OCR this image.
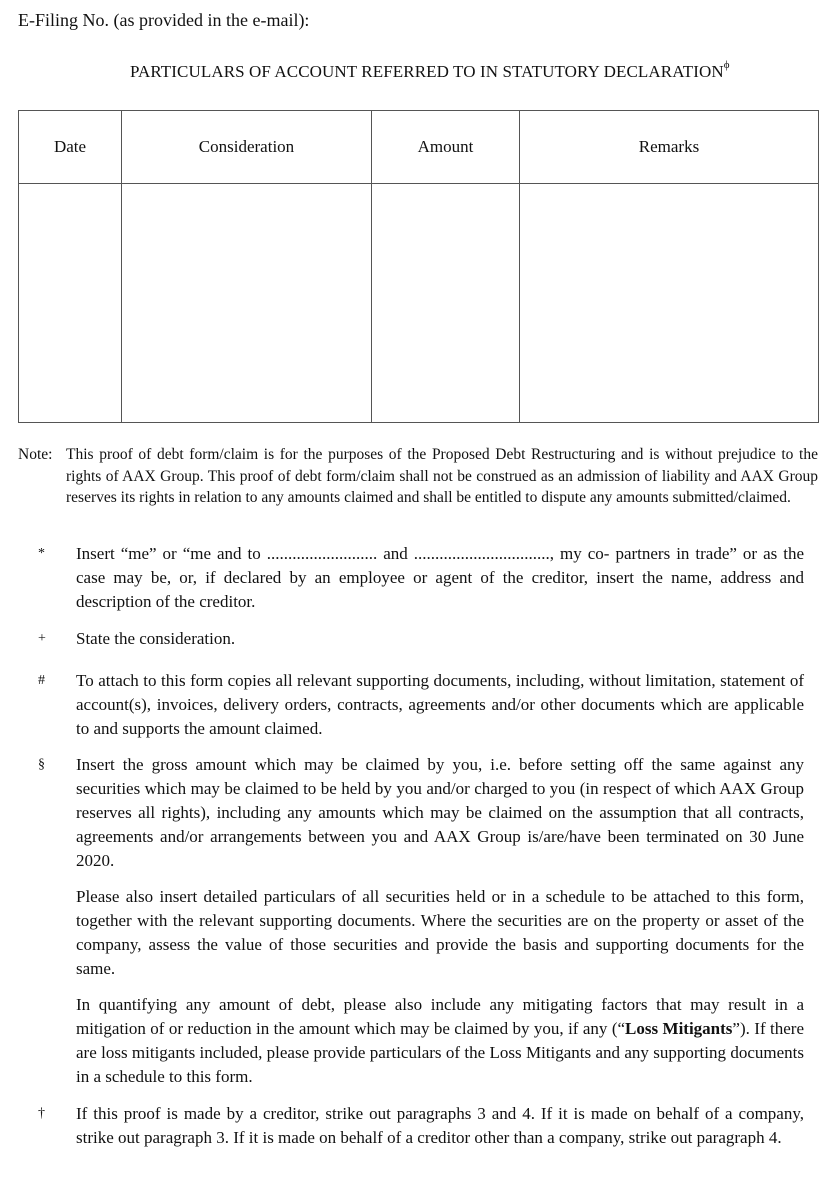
E-Filing No. (as provided in the e-mail):
PARTICULARS OF ACCOUNT REFERRED TO IN STATUTORY $DECLARATION^\phi$
Date	Consideration	Amount	Remarks

Note: This proof of debt form/claim is for the purposes of the Proposed Debt Restructuring and is without prejudice to the rights of AAX Group. This proof of debt form/claim shall not be construed as an admission of liability and AAX Group reserves its rights in relation to any amounts claimed and shall be entitled to dispute any amounts submitted/claimed.
* Insert “me” or “me and to .......................... and ................................, my co- partners in trade” or as the case may be, or, if declared by an employee or agent of the creditor, insert the name, address and description of the creditor.

+ State the consideration.

# To attach to this form copies all relevant supporting documents, including, without limitation, statement of account(s), invoices, delivery orders, contracts, agreements and/or other documents which are applicable to and supports the amount claimed.

§ Insert the gross amount which may be claimed by you, i.e. before setting off the same against any securities which may be claimed to be held by you and/or charged to you (in respect of which AAX Group reserves all rights), including any amounts which may be claimed on the assumption that all contracts, agreements and/or arrangements between you and AAX Group is/are/have been terminated on 30 June 2020.

Please also insert detailed particulars of all securities held or in a schedule to be attached to this form, together with the relevant supporting documents. Where the securities are on the property or asset of the company, assess the value of those securities and provide the basis and supporting documents for the same.

In quantifying any amount of debt, please also include any mitigating factors that may result in a mitigation of or reduction in the amount which may be claimed by you, if any (“Loss Mitigants”). If there are loss mitigants included, please provide particulars of the Loss Mitigants and any supporting documents in a schedule to this form.

† If this proof is made by a creditor, strike out paragraphs 3 and 4. If it is made on behalf of a company, strike out paragraph 3. If it is made on behalf of a creditor other than a company, strike out paragraph 4.
